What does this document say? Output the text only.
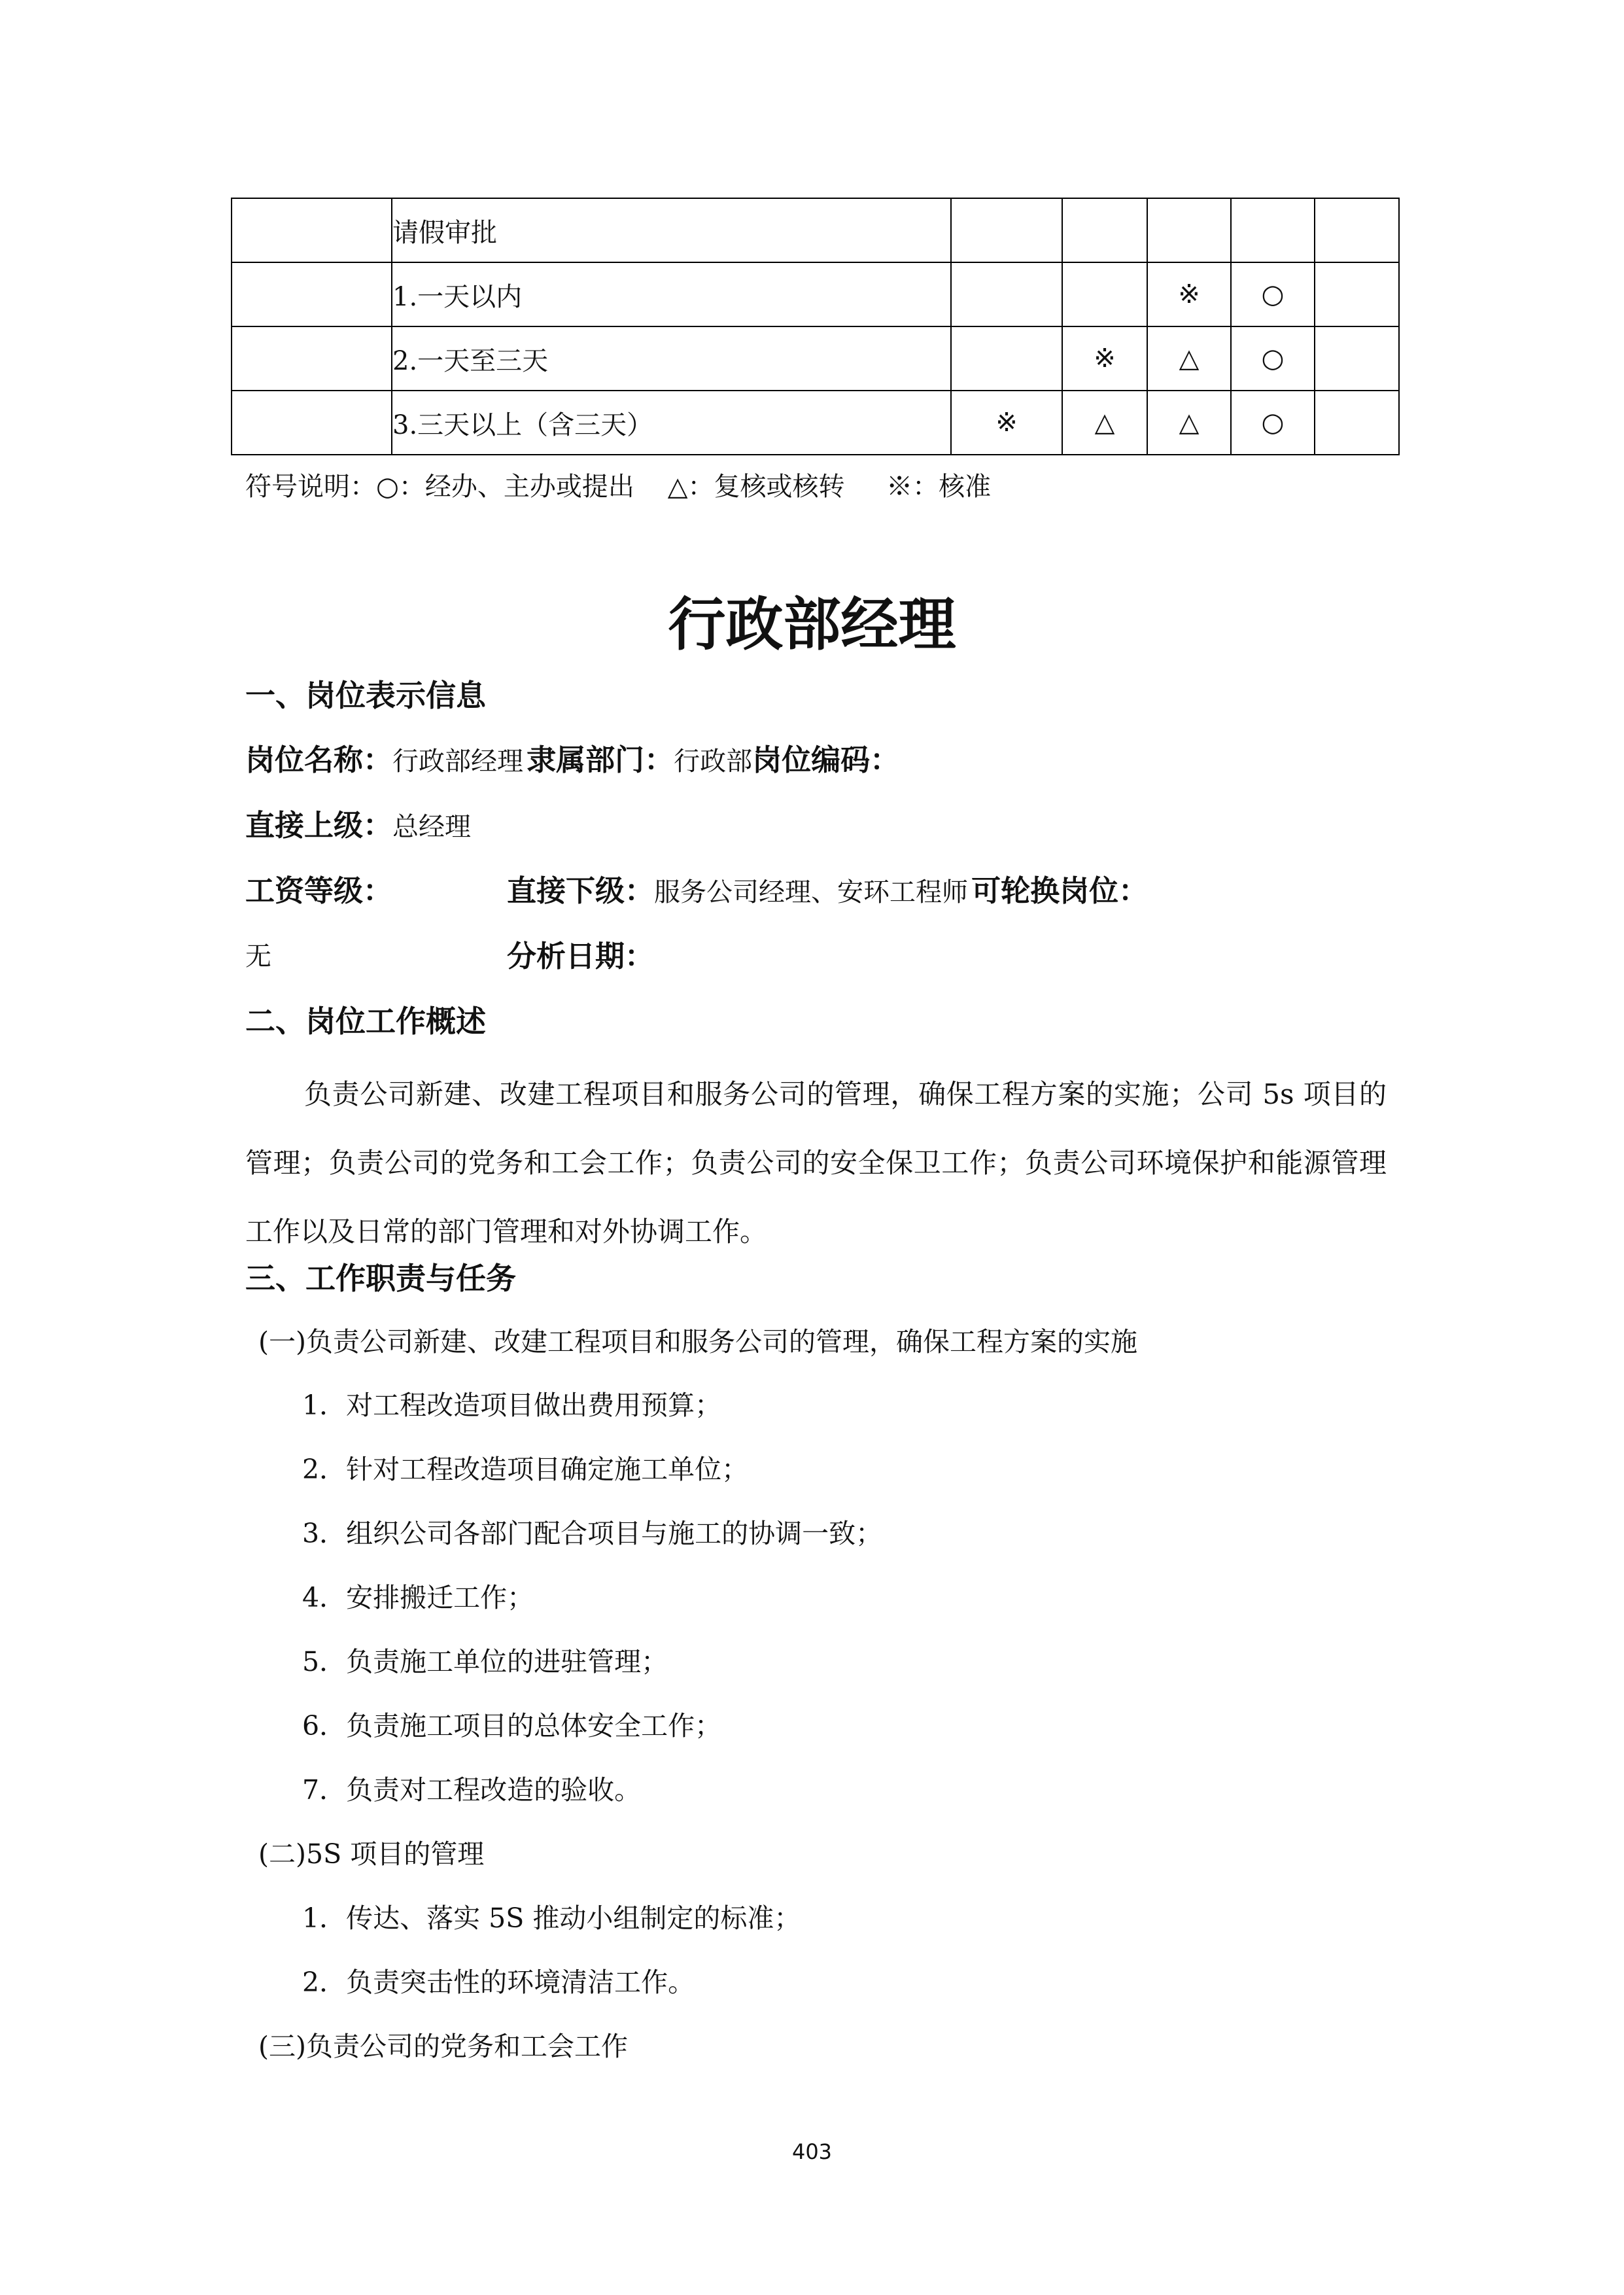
	请假审批					
	1.一天以内			※	○	
	2.一天至三天		※	△	○	
	3.三天以上（含三天）	※	△	△	○	
符号说明：○：经办、主办或提出    △：复核或核转     ※：核准
行政部经理
一、岗位表示信息
岗位名称：行政部经理 隶属部门：行政部岗位编码：
直接上级：总经理
工资等级：	直接下级：服务公司经理、安环工程师 可轮换岗位：
无	分析日期：
二、岗位工作概述
负责公司新建、改建工程项目和服务公司的管理，确保工程方案的实施；公司 5s 项目的管理；负责公司的党务和工会工作；负责公司的安全保卫工作；负责公司环境保护和能源管理工作以及日常的部门管理和对外协调工作。
三、工作职责与任务
(一)负责公司新建、改建工程项目和服务公司的管理，确保工程方案的实施
1．对工程改造项目做出费用预算；
2．针对工程改造项目确定施工单位；
3．组织公司各部门配合项目与施工的协调一致；
4．安排搬迁工作；
5．负责施工单位的进驻管理；
6．负责施工项目的总体安全工作；
7．负责对工程改造的验收。
(二)5S 项目的管理
1．传达、落实 5S 推动小组制定的标准；
2．负责突击性的环境清洁工作。
(三)负责公司的党务和工会工作
403
